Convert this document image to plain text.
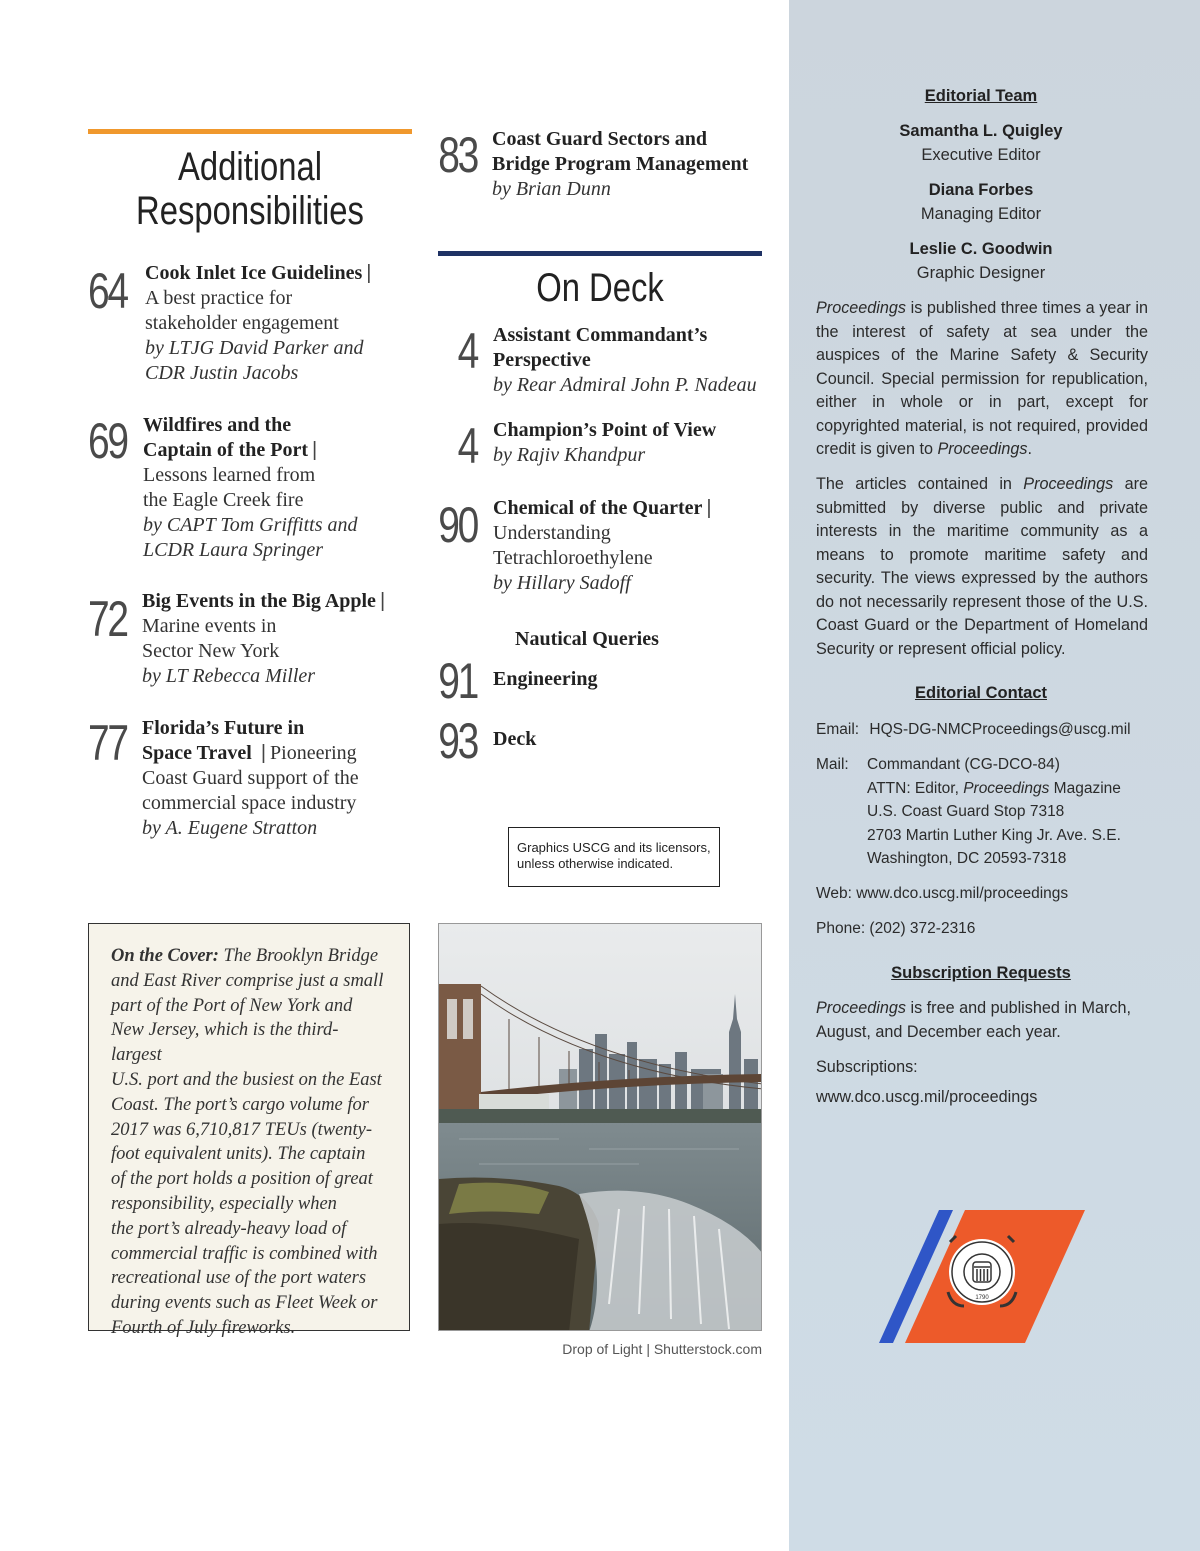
Additional
Responsibilities
64 Cook Inlet Ice Guidelines |
A best practice for
stakeholder engagement
by LTJG David Parker and
CDR Justin Jacobs
69 Wildfires and the
Captain of the Port |
Lessons learned from
the Eagle Creek fire
by CAPT Tom Griffitts and
LCDR Laura Springer
72 Big Events in the Big Apple |
Marine events in
Sector New York
by LT Rebecca Miller
77 Florida’s Future in
Space Travel | Pioneering
Coast Guard support of the
commercial space industry
by A. Eugene Stratton
83 Coast Guard Sectors and
Bridge Program Management
by Brian Dunn
On Deck
4 Assistant Commandant’s
Perspective
by Rear Admiral John P. Nadeau
4 Champion’s Point of View
by Rajiv Khandpur
90 Chemical of the Quarter |
Understanding
Tetrachloroethylene
by Hillary Sadoff
Nautical Queries
91 Engineering
93 Deck
Graphics USCG and its licensors,
unless otherwise indicated.
On the Cover: The Brooklyn Bridge
and East River comprise just a small
part of the Port of New York and
New Jersey, which is the third-largest
U.S. port and the busiest on the East
Coast. The port’s cargo volume for
2017 was 6,710,817 TEUs (twenty-
foot equivalent units). The captain
of the port holds a position of great
responsibility, especially when
the port’s already-heavy load of
commercial traffic is combined with
recreational use of the port waters
during events such as Fleet Week or
Fourth of July fireworks.
Drop of Light | Shutterstock.com
Editorial Team
Samantha L. Quigley
Executive Editor
Diana Forbes
Managing Editor
Leslie C. Goodwin
Graphic Designer
Proceedings is published three times a year in the interest of safety at sea under the auspices of the Marine Safety & Security Council. Special permission for republication, either in whole or in part, except for copyrighted material, is not required, provided credit is given to Proceedings.
The articles contained in Proceedings are submitted by diverse public and private interests in the maritime community as a means to promote maritime safety and security. The views expressed by the authors do not necessarily represent those of the U.S. Coast Guard or the Department of Homeland Security or represent official policy.
Editorial Contact
Email: HQS-DG-NMCProceedings@uscg.mil
Mail: Commandant (CG-DCO-84)
ATTN: Editor, Proceedings Magazine
U.S. Coast Guard Stop 7318
2703 Martin Luther King Jr. Ave. S.E.
Washington, DC 20593-7318
Web: www.dco.uscg.mil/proceedings
Phone: (202) 372-2316
Subscription Requests
Proceedings is free and published in March,
August, and December each year.
Subscriptions:
www.dco.uscg.mil/proceedings
1790
